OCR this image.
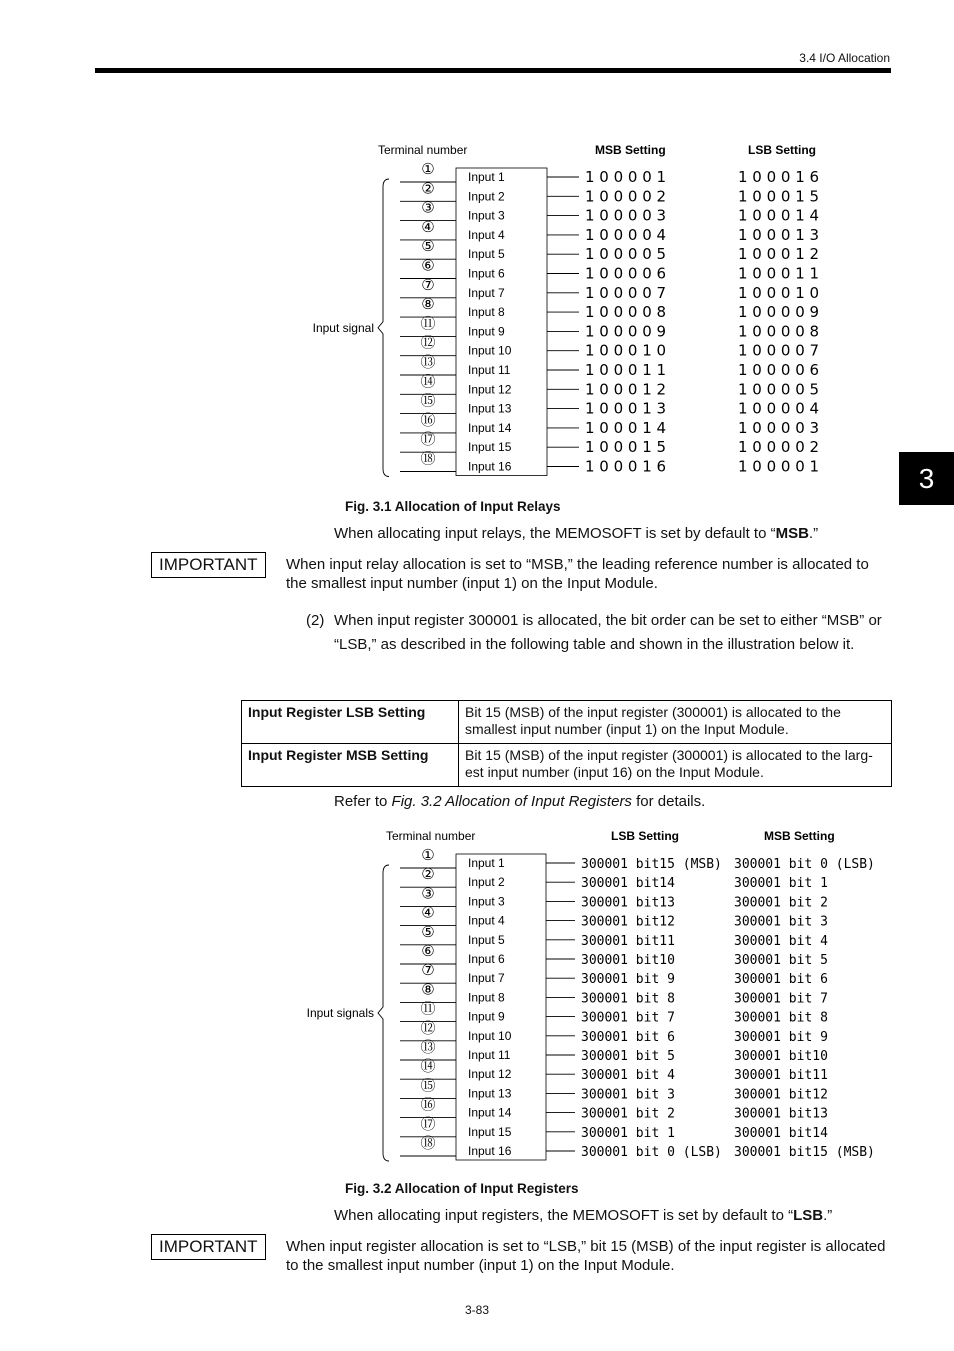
3.4 I/O Allocation
3
Terminal number	MSB Setting	LSB Setting
Input signal
①	Input 1	1 0 0 0 0 1	1 0 0 0 1 6
②	Input 2	1 0 0 0 0 2	1 0 0 0 1 5
③	Input 3	1 0 0 0 0 3	1 0 0 0 1 4
④	Input 4	1 0 0 0 0 4	1 0 0 0 1 3
⑤	Input 5	1 0 0 0 0 5	1 0 0 0 1 2
⑥	Input 6	1 0 0 0 0 6	1 0 0 0 1 1
⑦	Input 7	1 0 0 0 0 7	1 0 0 0 1 0
⑧	Input 8	1 0 0 0 0 8	1 0 0 0 0 9
⑪	Input 9	1 0 0 0 0 9	1 0 0 0 0 8
⑫	Input 10	1 0 0 0 1 0	1 0 0 0 0 7
⑬	Input 11	1 0 0 0 1 1	1 0 0 0 0 6
⑭	Input 12	1 0 0 0 1 2	1 0 0 0 0 5
⑮	Input 13	1 0 0 0 1 3	1 0 0 0 0 4
⑯	Input 14	1 0 0 0 1 4	1 0 0 0 0 3
⑰	Input 15	1 0 0 0 1 5	1 0 0 0 0 2
⑱	Input 16	1 0 0 0 1 6	1 0 0 0 0 1
Fig. 3.1 Allocation of Input Relays
When allocating input relays, the MEMOSOFT is set by default to “MSB.”
IMPORTANT	When input relay allocation is set to “MSB,” the leading reference number is allocated to the smallest input number (input 1) on the Input Module.
(2) When input register 300001 is allocated, the bit order can be set to either “MSB” or “LSB,” as described in the following table and shown in the illustration below it.
Input Register LSB Setting	Bit 15 (MSB) of the input register (300001) is allocated to the smallest input number (input 1) on the Input Module.
Input Register MSB Setting	Bit 15 (MSB) of the input register (300001) is allocated to the larg-est input number (input 16) on the Input Module.
Refer to Fig. 3.2 Allocation of Input Registers for details.
Terminal number	LSB Setting	MSB Setting
Input signals
①	Input 1	300001 bit15 (MSB) 300001 bit 0 (LSB)
②	Input 2	300001 bit14	300001 bit 1
③	Input 3	300001 bit13	300001 bit 2
④	Input 4	300001 bit12	300001 bit 3
⑤	Input 5	300001 bit11	300001 bit 4
⑥	Input 6	300001 bit10	300001 bit 5
⑦	Input 7	300001 bit 9	300001 bit 6
⑧	Input 8	300001 bit 8	300001 bit 7
⑪	Input 9	300001 bit 7	300001 bit 8
⑫	Input 10	300001 bit 6	300001 bit 9
⑬	Input 11	300001 bit 5	300001 bit10
⑭	Input 12	300001 bit 4	300001 bit11
⑮	Input 13	300001 bit 3	300001 bit12
⑯	Input 14	300001 bit 2	300001 bit13
⑰	Input 15	300001 bit 1	300001 bit14
⑱	Input 16	300001 bit 0 (LSB) 300001 bit15 (MSB)
Fig. 3.2 Allocation of Input Registers
When allocating input registers, the MEMOSOFT is set by default to “LSB.”
IMPORTANT	When input register allocation is set to “LSB,” bit 15 (MSB) of the input register is allocated to the smallest input number (input 1) on the Input Module.
3-83
